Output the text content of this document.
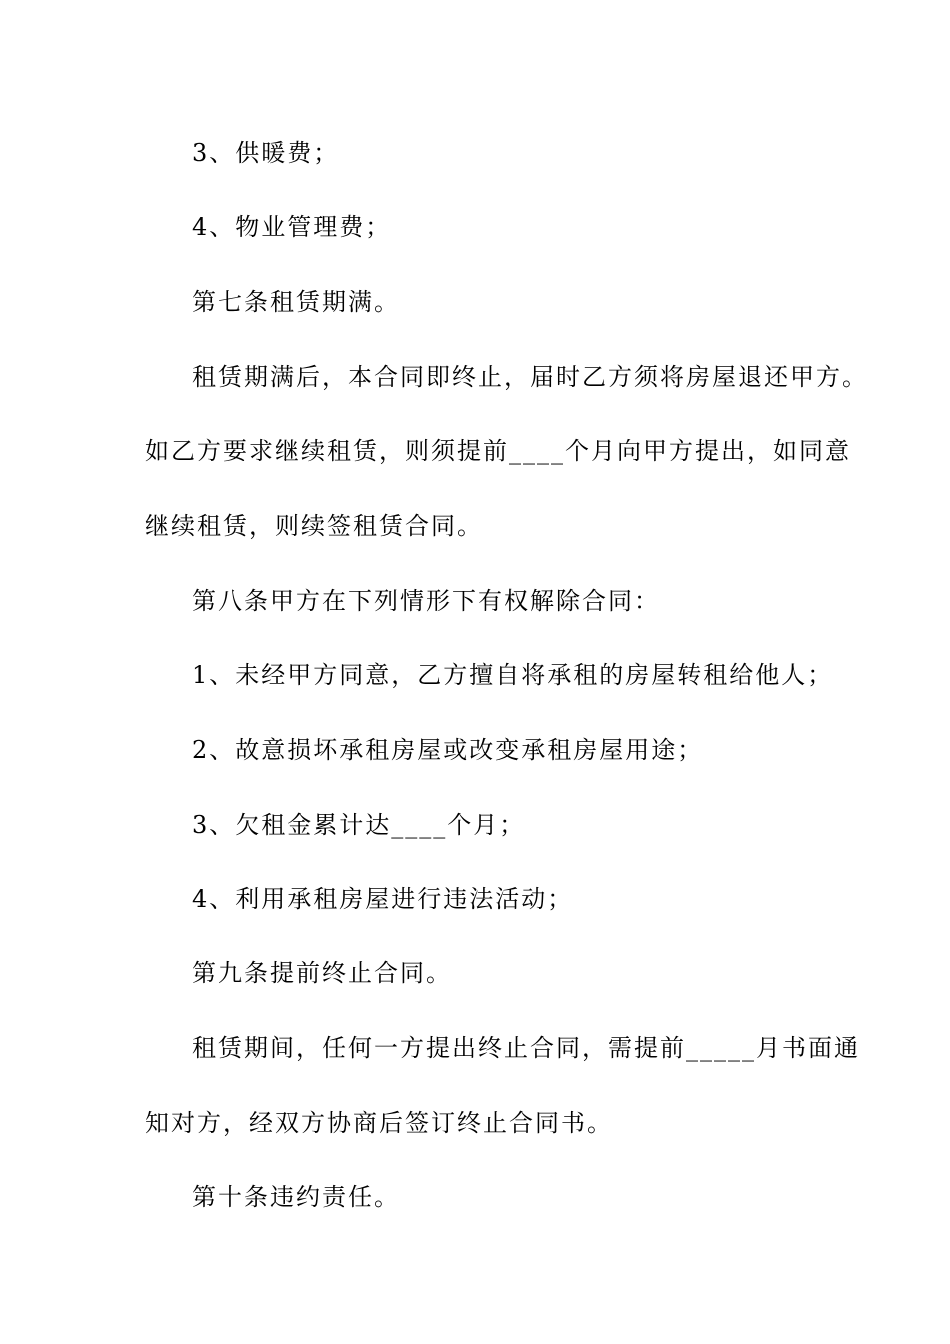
3、供暖费；
4、物业管理费；
第七条租赁期满。
租赁期满后，本合同即终止，届时乙方须将房屋退还甲方。
如乙方要求继续租赁，则须提前____个月向甲方提出，如同意
继续租赁，则续签租赁合同。
第八条甲方在下列情形下有权解除合同：
1、未经甲方同意，乙方擅自将承租的房屋转租给他人；
2、故意损坏承租房屋或改变承租房屋用途；
3、欠租金累计达____个月；
4、利用承租房屋进行违法活动；
第九条提前终止合同。
租赁期间，任何一方提出终止合同，需提前_____月书面通
知对方，经双方协商后签订终止合同书。
第十条违约责任。
